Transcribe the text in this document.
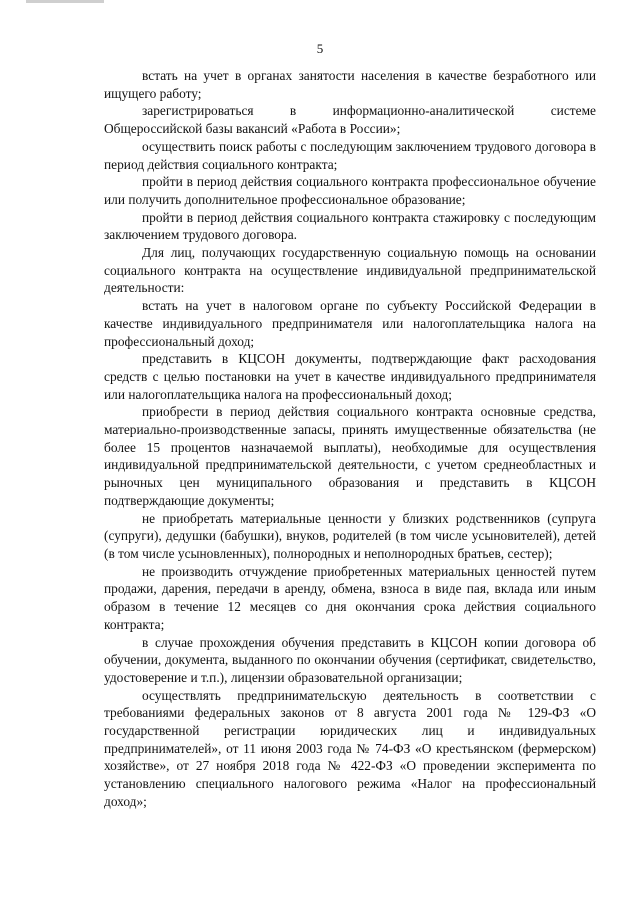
5

встать на учет в органах занятости населения в качестве безработного или ищущего работу;

зарегистрироваться в информационно-аналитической системе Общероссийской базы вакансий «Работа в России»;

осуществить поиск работы с последующим заключением трудового договора в период действия социального контракта;

пройти в период действия социального контракта профессиональное обучение или получить дополнительное профессиональное образование;

пройти в период действия социального контракта стажировку с последующим заключением трудового договора.

Для лиц, получающих государственную социальную помощь на основании социального контракта на осуществление индивидуальной предпринимательской деятельности:

встать на учет в налоговом органе по субъекту Российской Федерации в качестве индивидуального предпринимателя или налогоплательщика налога на профессиональный доход;

представить в КЦСОН документы, подтверждающие факт расходования средств с целью постановки на учет в качестве индивидуального предпринимателя или налогоплательщика налога на профессиональный доход;

приобрести в период действия социального контракта основные средства, материально-производственные запасы, принять имущественные обязательства (не более 15 процентов назначаемой выплаты), необходимые для осуществления индивидуальной предпринимательской деятельности, с учетом среднеобластных и рыночных цен муниципального образования и представить в КЦСОН подтверждающие документы;

не приобретать материальные ценности у близких родственников (супруга (супруги), дедушки (бабушки), внуков, родителей (в том числе усыновителей), детей (в том числе усыновленных), полнородных и неполнородных братьев, сестер);

не производить отчуждение приобретенных материальных ценностей путем продажи, дарения, передачи в аренду, обмена, взноса в виде пая, вклада или иным образом в течение 12 месяцев со дня окончания срока действия социального контракта;

в случае прохождения обучения представить в КЦСОН копии договора об обучении, документа, выданного по окончании обучения (сертификат, свидетельство, удостоверение и т.п.), лицензии образовательной организации;

осуществлять предпринимательскую деятельность в соответствии с требованиями федеральных законов от 8 августа 2001 года № 129-ФЗ «О государственной регистрации юридических лиц и индивидуальных предпринимателей», от 11 июня 2003 года № 74-ФЗ «О крестьянском (фермерском) хозяйстве», от 27 ноября 2018 года № 422-ФЗ «О проведении эксперимента по установлению специального налогового режима «Налог на профессиональный доход»;
